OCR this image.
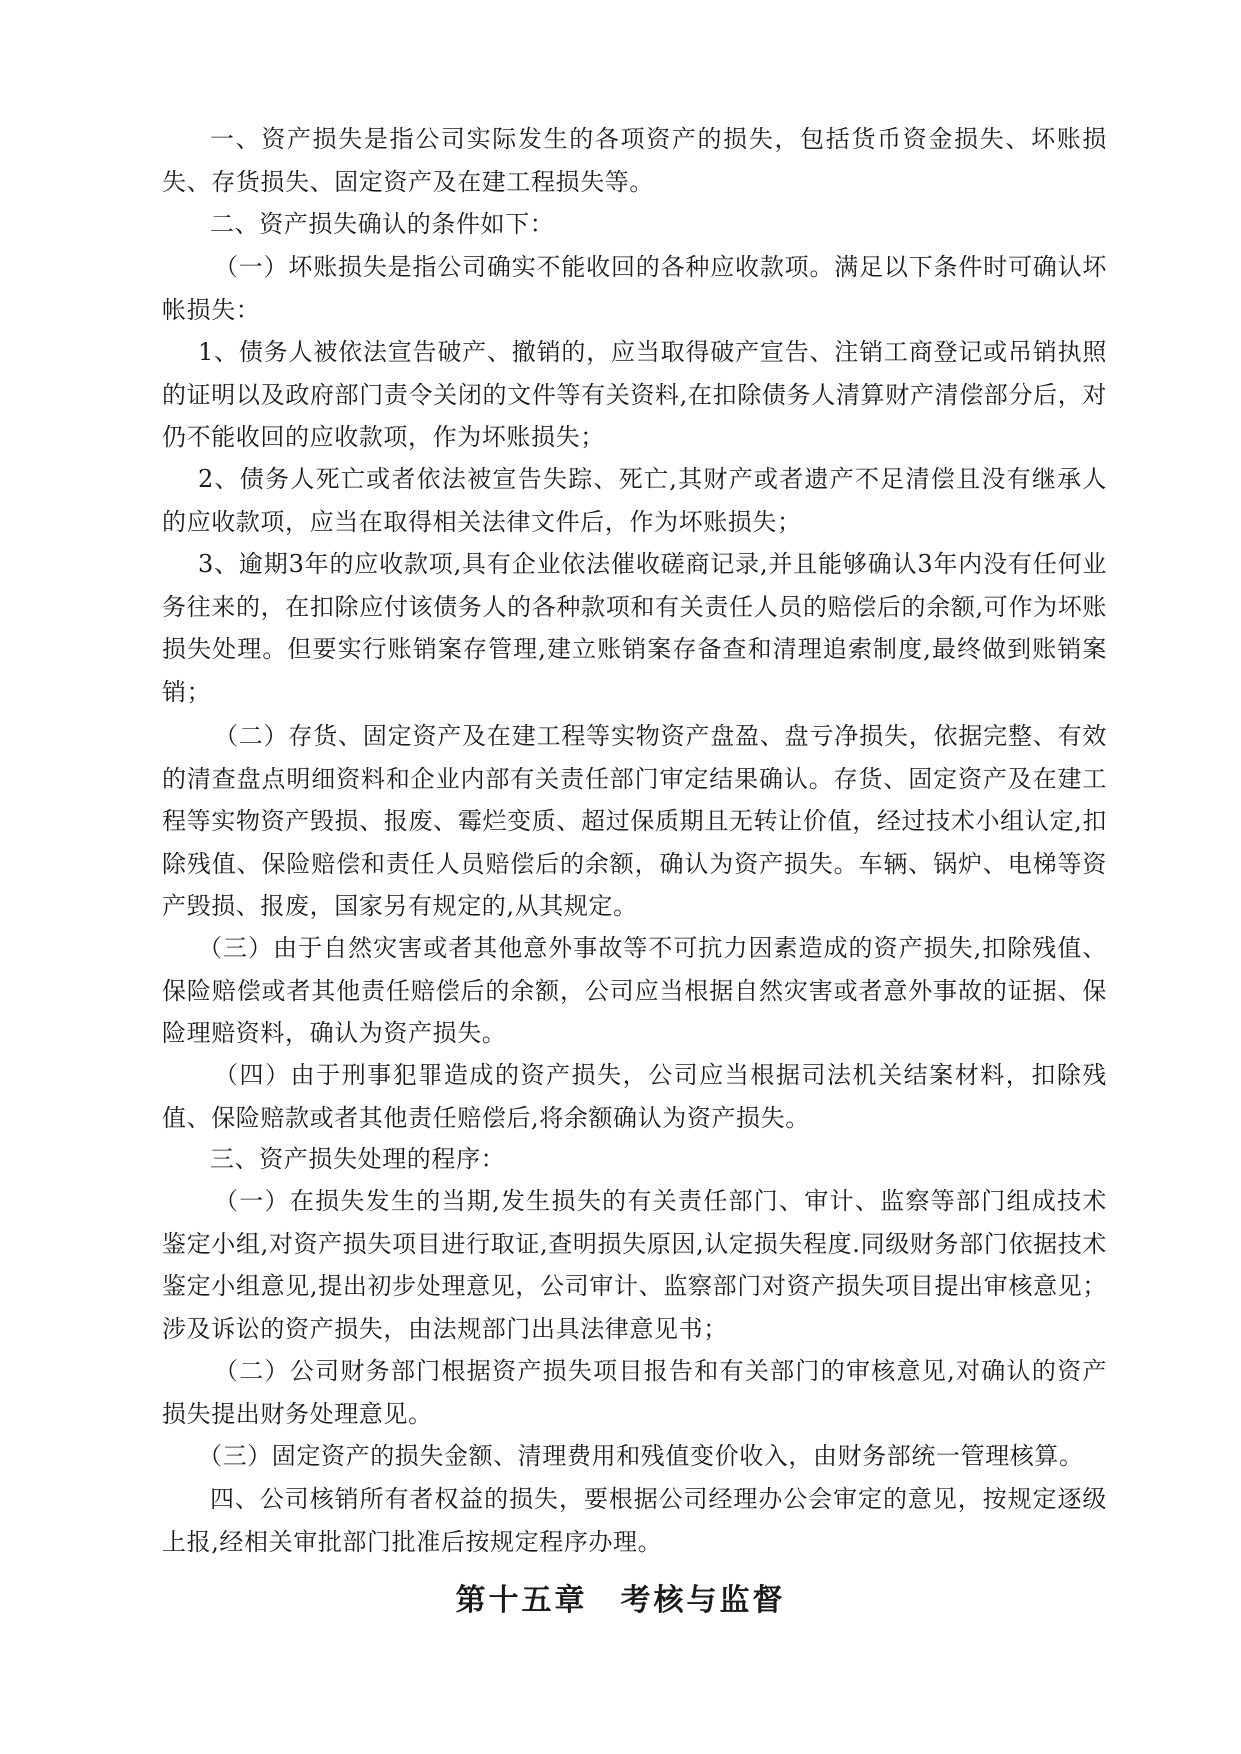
一、资产损失是指公司实际发生的各项资产的损失，包括货币资金损失、坏账损失、存货损失、固定资产及在建工程损失等。

二、资产损失确认的条件如下：

（一）坏账损失是指公司确实不能收回的各种应收款项。满足以下条件时可确认坏帐损失：

1、债务人被依法宣告破产、撤销的，应当取得破产宣告、注销工商登记或吊销执照的证明以及政府部门责令关闭的文件等有关资料,在扣除债务人清算财产清偿部分后，对仍不能收回的应收款项，作为坏账损失；

2、债务人死亡或者依法被宣告失踪、死亡,其财产或者遗产不足清偿且没有继承人的应收款项，应当在取得相关法律文件后，作为坏账损失；

3、逾期3年的应收款项,具有企业依法催收磋商记录,并且能够确认3年内没有任何业务往来的，在扣除应付该债务人的各种款项和有关责任人员的赔偿后的余额,可作为坏账损失处理。但要实行账销案存管理,建立账销案存备查和清理追索制度,最终做到账销案销；

（二）存货、固定资产及在建工程等实物资产盘盈、盘亏净损失，依据完整、有效的清查盘点明细资料和企业内部有关责任部门审定结果确认。存货、固定资产及在建工程等实物资产毁损、报废、霉烂变质、超过保质期且无转让价值，经过技术小组认定,扣除残值、保险赔偿和责任人员赔偿后的余额，确认为资产损失。车辆、锅炉、电梯等资产毁损、报废，国家另有规定的,从其规定。

（三）由于自然灾害或者其他意外事故等不可抗力因素造成的资产损失,扣除残值、保险赔偿或者其他责任赔偿后的余额，公司应当根据自然灾害或者意外事故的证据、保险理赔资料，确认为资产损失。

（四）由于刑事犯罪造成的资产损失，公司应当根据司法机关结案材料，扣除残值、保险赔款或者其他责任赔偿后,将余额确认为资产损失。

三、资产损失处理的程序：

（一）在损失发生的当期,发生损失的有关责任部门、审计、监察等部门组成技术鉴定小组,对资产损失项目进行取证,查明损失原因,认定损失程度.同级财务部门依据技术鉴定小组意见,提出初步处理意见，公司审计、监察部门对资产损失项目提出审核意见；涉及诉讼的资产损失，由法规部门出具法律意见书；

（二）公司财务部门根据资产损失项目报告和有关部门的审核意见,对确认的资产损失提出财务处理意见。

（三）固定资产的损失金额、清理费用和残值变价收入，由财务部统一管理核算。

四、公司核销所有者权益的损失，要根据公司经理办公会审定的意见，按规定逐级上报,经相关审批部门批准后按规定程序办理。

第十五章　考核与监督
